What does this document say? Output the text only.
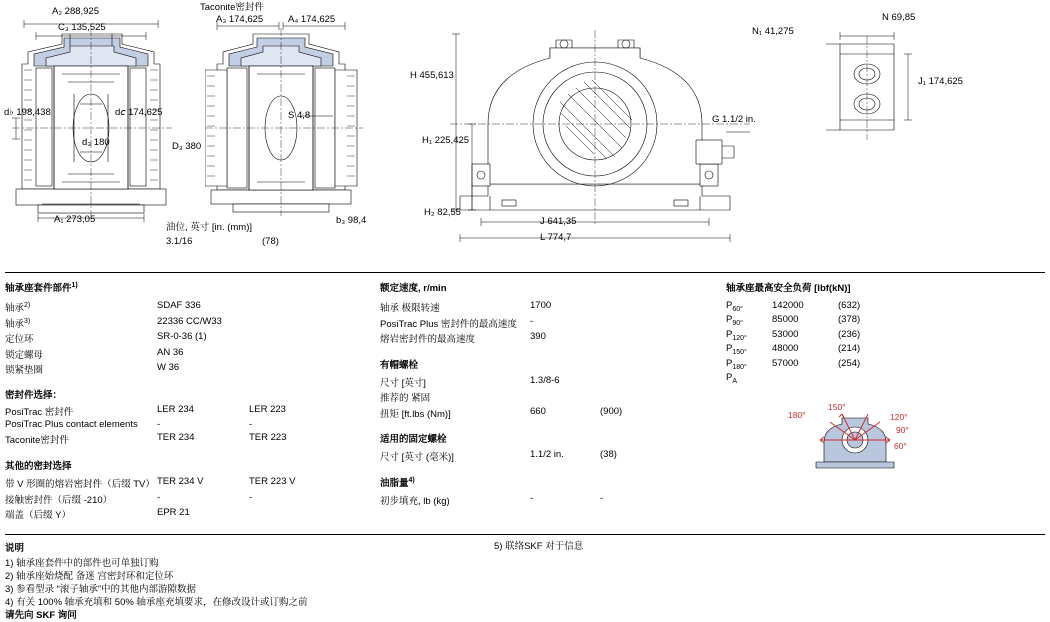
A₂ 288,925
C₃ 135,525
d♭ 198,438	d𝘤 174,625
d₃ 180	D₃ 380
A₁ 273,05
Taconite密封件
A₃ 174,625	A₄ 174,625
S 4,8
b₃ 98,4
油位, 英寸 [in. (mm)]
3.1/16	(78)
H 455,613
H₁ 225,425
H₂ 82,55
J 641,35
L 774,7
G 1.1/2 in.
N₁ 41,275
N 69,85
J₁ 174,625
轴承座套件部件$^{1)}$
轴承$^{2)}$	SDAF 336	
轴承$^{3)}$	22336 CC/W33	
定位环	SR-0-36 (1)	
锁定螺母	AN 36	
锁紧垫圈	W 36	
密封件选择：
PosiTrac 密封件	LER 234	LER 223
PosiTrac Plus contact elements	-	-
Taconite密封件	TER 234	TER 223
其他的密封选择
带 V 形圈的熔岩密封件（后缀 TV）	TER 234 V	TER 223 V
接触密封件（后缀 -210）	-	-
端盖（后缀 Y）	EPR 21	
额定速度, r/min
轴承 极限转速	1700	
PosiTrac Plus 密封件的最高速度	-	
熔岩密封件的最高速度	390	
有帽螺栓
尺寸 [英寸]	1.3/8-6	
推荐的 紧固		
扭矩 [ft.lbs (Nm)]	660	(900)
适用的固定螺栓
尺寸 [英寸 (毫米)]	1.1/2 in.	(38)
油脂量$^{4)}$
初步填充, lb (kg)	-	-
轴承座最高安全负荷 [lbf(kN)]
$P_{60^\circ}$	142000	(632)
$P_{90^\circ}$	85000	(378)
$P_{120^\circ}$	53000	(236)
$P_{150^\circ}$	48000	(214)
$P_{180^\circ}$	57000	(254)
$P_A$		
180°
150°
120°
90°
60°
说明
1) 轴承座套件中的部件也可单独订购
2) 轴承座始烧配 备迷 宫密封环和定位环
3) 参看型录 “滚子轴承”中的其他内部游隙数据
4) 有关 100% 轴承充填和 50% 轴承座充填要求，在修改设计或订购之前
请先向 SKF 询问
5) 联络SKF 对于信息
